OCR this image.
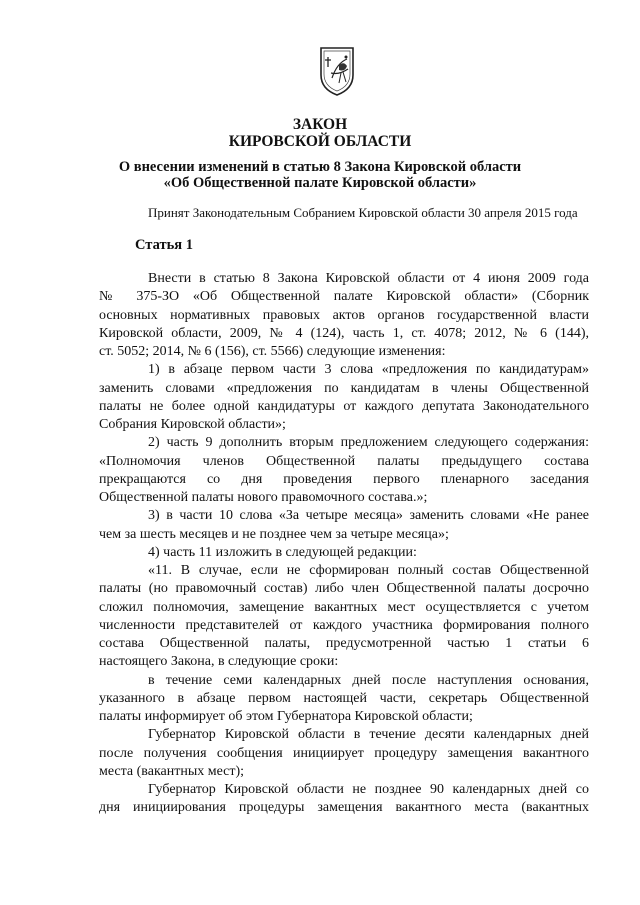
ЗАКОН
КИРОВСКОЙ ОБЛАСТИ
О внесении изменений в статью 8 Закона Кировской области
«Об Общественной палате Кировской области»
Принят Законодательным Собранием Кировской области 30 апреля 2015 года
Статья 1
Внести в статью 8 Закона Кировской области от 4 июня 2009 года
№ 375-ЗО «Об Общественной палате Кировской области» (Сборник
основных нормативных правовых актов органов государственной власти
Кировской области, 2009, № 4 (124), часть 1, ст. 4078; 2012, № 6 (144),
ст. 5052; 2014, № 6 (156), ст. 5566) следующие изменения:
1) в абзаце первом части 3 слова «предложения по кандидатурам»
заменить словами «предложения по кандидатам в члены Общественной
палаты не более одной кандидатуры от каждого депутата Законодательного
Собрания Кировской области»;
2) часть 9 дополнить вторым предложением следующего содержания:
«Полномочия членов Общественной палаты предыдущего состава
прекращаются со дня проведения первого пленарного заседания
Общественной палаты нового правомочного состава.»;
3) в части 10 слова «За четыре месяца» заменить словами «Не ранее
чем за шесть месяцев и не позднее чем за четыре месяца»;
4) часть 11 изложить в следующей редакции:
«11. В случае, если не сформирован полный состав Общественной
палаты (но правомочный состав) либо член Общественной палаты досрочно
сложил полномочия, замещение вакантных мест осуществляется с учетом
численности представителей от каждого участника формирования полного
состава Общественной палаты, предусмотренной частью 1 статьи 6
настоящего Закона, в следующие сроки:
в течение семи календарных дней после наступления основания,
указанного в абзаце первом настоящей части, секретарь Общественной
палаты информирует об этом Губернатора Кировской области;
Губернатор Кировской области в течение десяти календарных дней
после получения сообщения инициирует процедуру замещения вакантного
места (вакантных мест);
Губернатор Кировской области не позднее 90 календарных дней со
дня инициирования процедуры замещения вакантного места (вакантных
